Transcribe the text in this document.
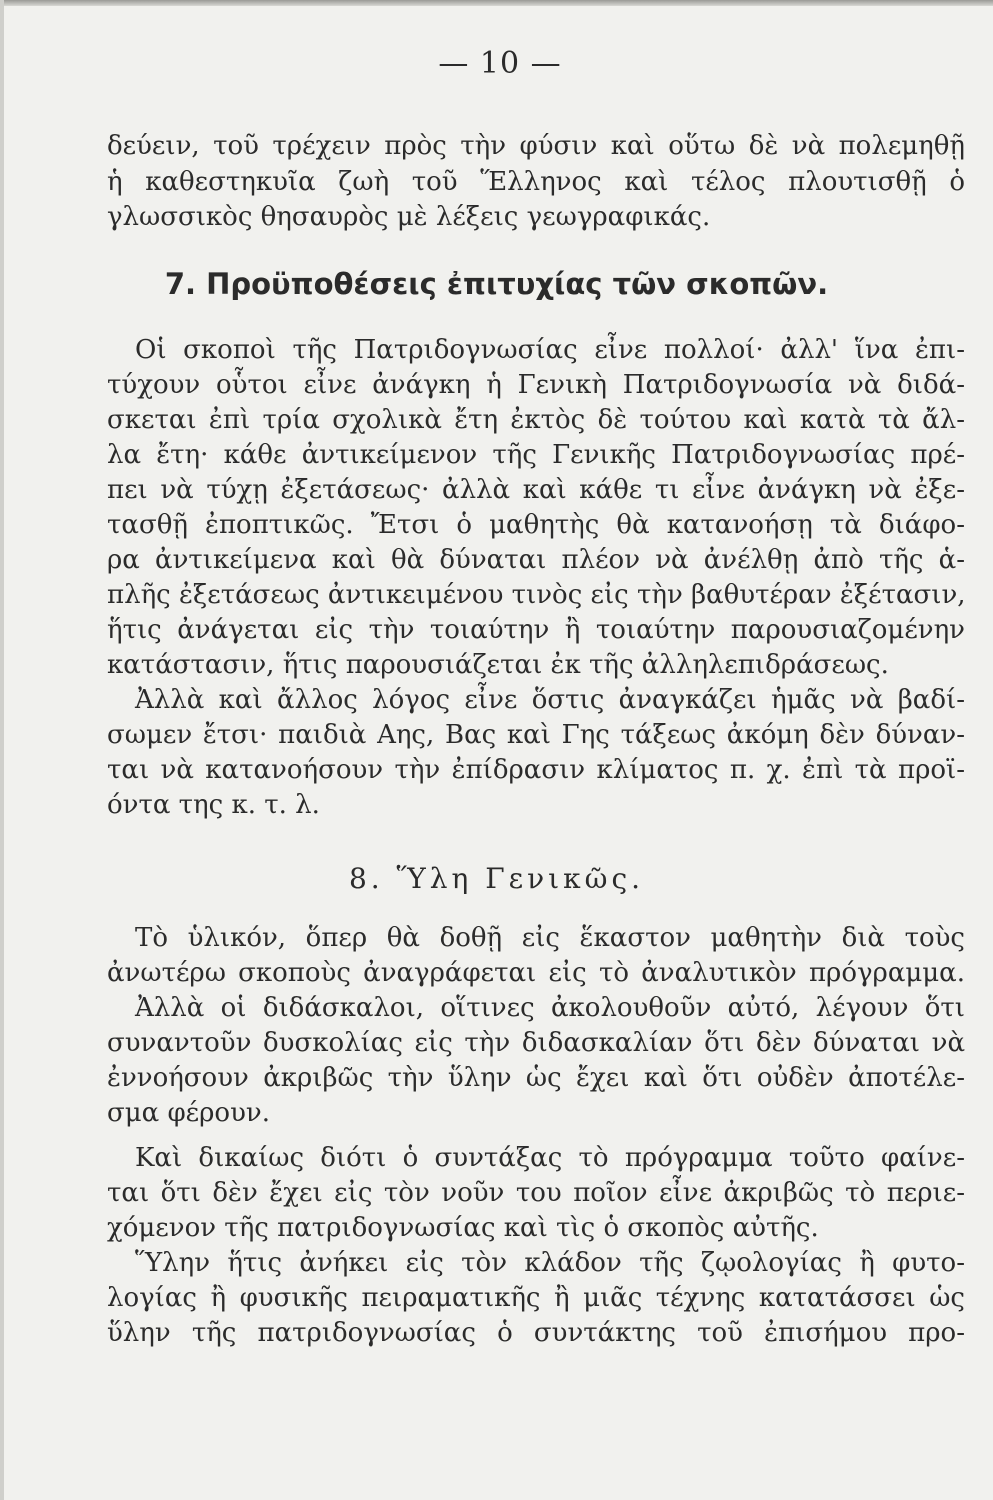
— 10 —
δεύειν, τοῦ τρέχειν πρὸς τὴν φύσιν καὶ οὕτω δὲ νὰ πολεμηθῇ
ἡ καθεστηκυῖα ζωὴ τοῦ Ἕλληνος καὶ τέλος πλουτισθῇ ὁ
γλωσσικὸς θησαυρὸς μὲ λέξεις γεωγραφικάς.
7. Προϋποθέσεις ἐπιτυχίας τῶν σκοπῶν.
Οἱ σκοποὶ τῆς Πατριδογνωσίας εἶνε πολλοί· ἀλλ' ἵνα ἐπι-
τύχουν οὗτοι εἶνε ἀνάγκη ἡ Γενικὴ Πατριδογνωσία νὰ διδά-
σκεται ἐπὶ τρία σχολικὰ ἔτη ἐκτὸς δὲ τούτου καὶ κατὰ τὰ ἄλ-
λα ἔτη· κάθε ἀντικείμενον τῆς Γενικῆς Πατριδογνωσίας πρέ-
πει νὰ τύχῃ ἐξετάσεως· ἀλλὰ καὶ κάθε τι εἶνε ἀνάγκη νὰ ἐξε-
τασθῇ ἐποπτικῶς. Ἔτσι ὁ μαθητὴς θὰ κατανοήσῃ τὰ διάφο-
ρα ἀντικείμενα καὶ θὰ δύναται πλέον νὰ ἀνέλθῃ ἀπὸ τῆς ἁ-
πλῆς ἐξετάσεως ἀντικειμένου τινὸς εἰς τὴν βαθυτέραν ἐξέτασιν,
ἥτις ἀνάγεται εἰς τὴν τοιαύτην ἢ τοιαύτην παρουσιαζομένην
κατάστασιν, ἥτις παρουσιάζεται ἐκ τῆς ἀλληλεπιδράσεως.
Ἀλλὰ καὶ ἄλλος λόγος εἶνε ὅστις ἀναγκάζει ἡμᾶς νὰ βαδί-
σωμεν ἔτσι· παιδιὰ Αης, Βας καὶ Γης τάξεως ἀκόμη δὲν δύναν-
ται νὰ κατανοήσουν τὴν ἐπίδρασιν κλίματος π. χ. ἐπὶ τὰ προϊ-
όντα της κ. τ. λ.
8. Ὕλη Γενικῶς.
Τὸ ὑλικόν, ὅπερ θὰ δοθῇ εἰς ἕκαστον μαθητὴν διὰ τοὺς
ἀνωτέρω σκοποὺς ἀναγράφεται εἰς τὸ ἀναλυτικὸν πρόγραμμα.
Ἀλλὰ οἱ διδάσκαλοι, οἵτινες ἀκολουθοῦν αὐτό, λέγουν ὅτι
συναντοῦν δυσκολίας εἰς τὴν διδασκαλίαν ὅτι δὲν δύναται νὰ
ἐννοήσουν ἀκριβῶς τὴν ὕλην ὡς ἔχει καὶ ὅτι οὐδὲν ἀποτέλε-
σμα φέρουν.
Καὶ δικαίως διότι ὁ συντάξας τὸ πρόγραμμα τοῦτο φαίνε-
ται ὅτι δὲν ἔχει εἰς τὸν νοῦν του ποῖον εἶνε ἀκριβῶς τὸ περιε-
χόμενον τῆς πατριδογνωσίας καὶ τὶς ὁ σκοπὸς αὐτῆς.
Ὕλην ἥτις ἀνήκει εἰς τὸν κλάδον τῆς ζῳολογίας ἢ φυτο-
λογίας ἢ φυσικῆς πειραματικῆς ἢ μιᾶς τέχνης κατατάσσει ὡς
ὕλην τῆς πατριδογνωσίας ὁ συντάκτης τοῦ ἐπισήμου προ-
